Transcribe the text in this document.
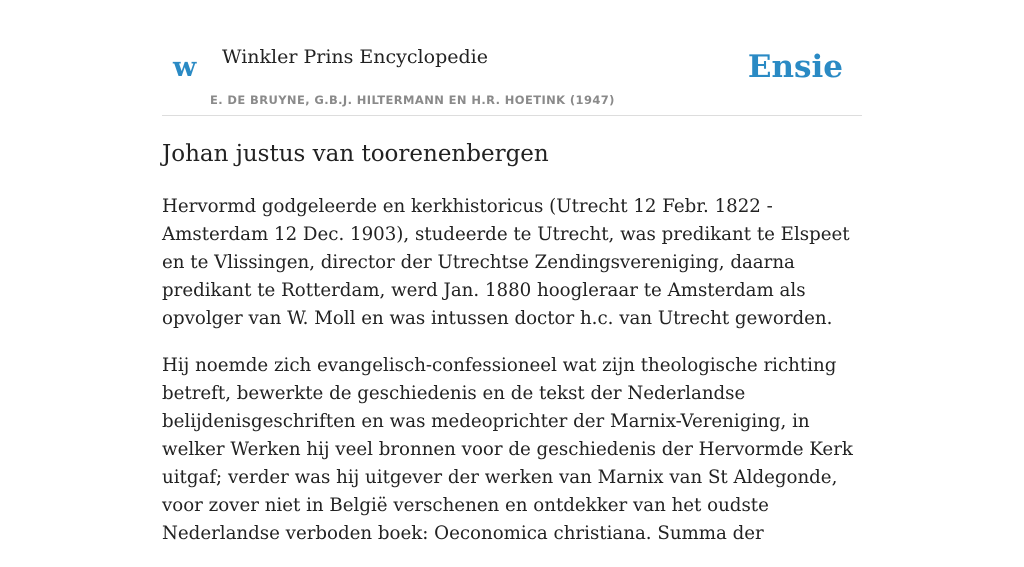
w Winkler Prins Encyclopedie
E. DE BRUYNE, G.B.J. HILTERMANN EN H.R. HOETINK (1947)
Ensie
Johan justus van toorenenbergen

Hervormd godgeleerde en kerkhistoricus (Utrecht 12 Febr. 1822 - Amsterdam 12 Dec. 1903), studeerde te Utrecht, was predikant te Elspeet en te Vlissingen, director der Utrechtse Zendingsvereniging, daarna predikant te Rotterdam, werd Jan. 1880 hoogleraar te Amsterdam als opvolger van W. Moll en was intussen doctor h.c. van Utrecht geworden.

Hij noemde zich evangelisch-confessioneel wat zijn theologische richting betreft, bewerkte de geschiedenis en de tekst der Nederlandse belijdenisgeschriften en was medeoprichter der Marnix-Vereniging, in welker Werken hij veel bronnen voor de geschiedenis der Hervormde Kerk uitgaf; verder was hij uitgever der werken van Marnix van St Aldegonde, voor zover niet in België verschenen en ontdekker van het oudste Nederlandse verboden boek: Oeconomica christiana. Summa der
